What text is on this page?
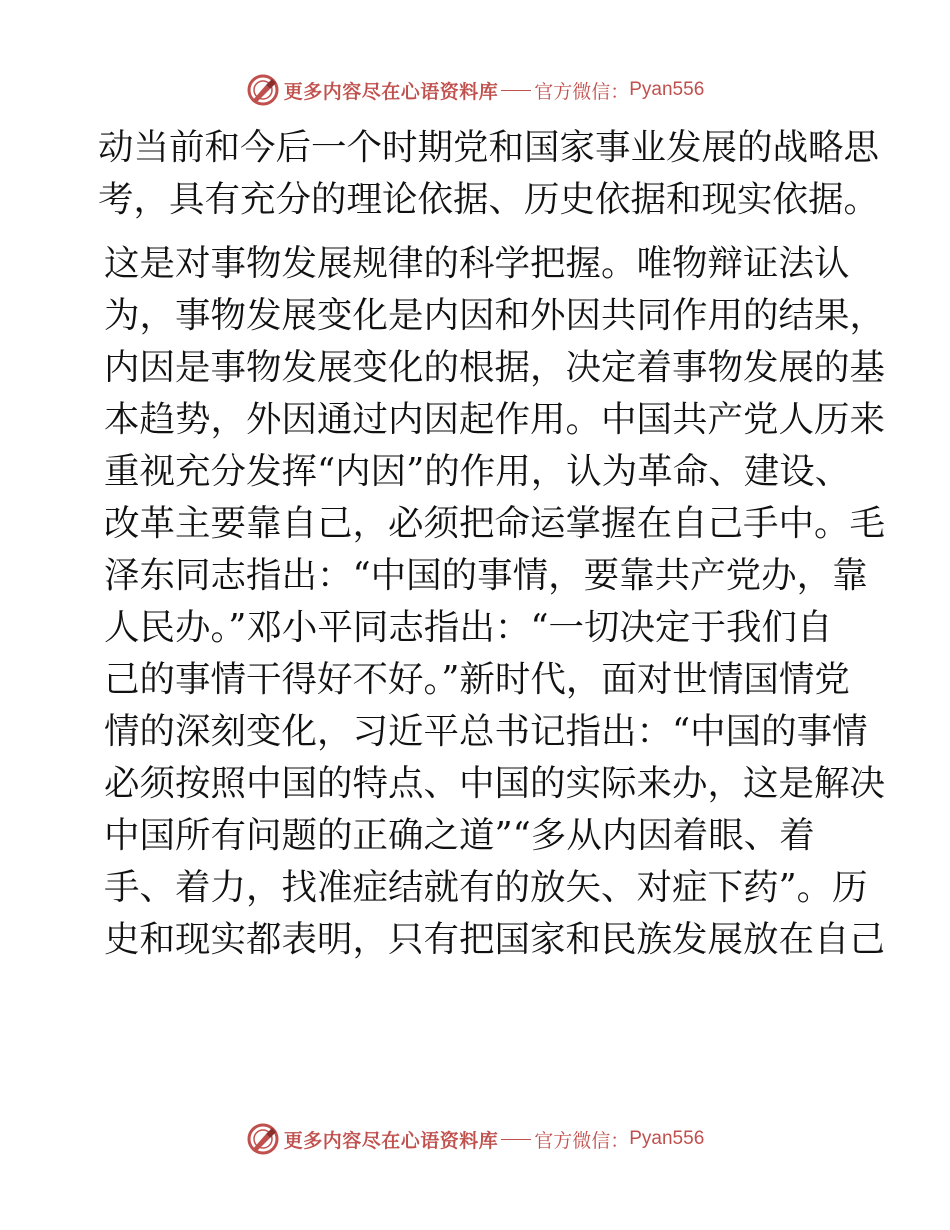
更多内容尽在心语资料库 官方微信： Pyan556

动当前和今后一个时期党和国家事业发展的战略思
考，具有充分的理论依据、历史依据和现实依据。

这是对事物发展规律的科学把握。唯物辩证法认
为，事物发展变化是内因和外因共同作用的结果，
内因是事物发展变化的根据，决定着事物发展的基
本趋势，外因通过内因起作用。中国共产党人历来
重视充分发挥“内因”的作用，认为革命、建设、
改革主要靠自己，必须把命运掌握在自己手中。毛
泽东同志指出：“中国的事情，要靠共产党办，靠
人民办。”邓小平同志指出：“一切决定于我们自
己的事情干得好不好。”新时代，面对世情国情党
情的深刻变化，习近平总书记指出：“中国的事情
必须按照中国的特点、中国的实际来办，这是解决
中国所有问题的正确之道”“多从内因着眼、着
手、着力，找准症结就有的放矢、对症下药”。历
史和现实都表明，只有把国家和民族发展放在自己

更多内容尽在心语资料库 官方微信： Pyan556
